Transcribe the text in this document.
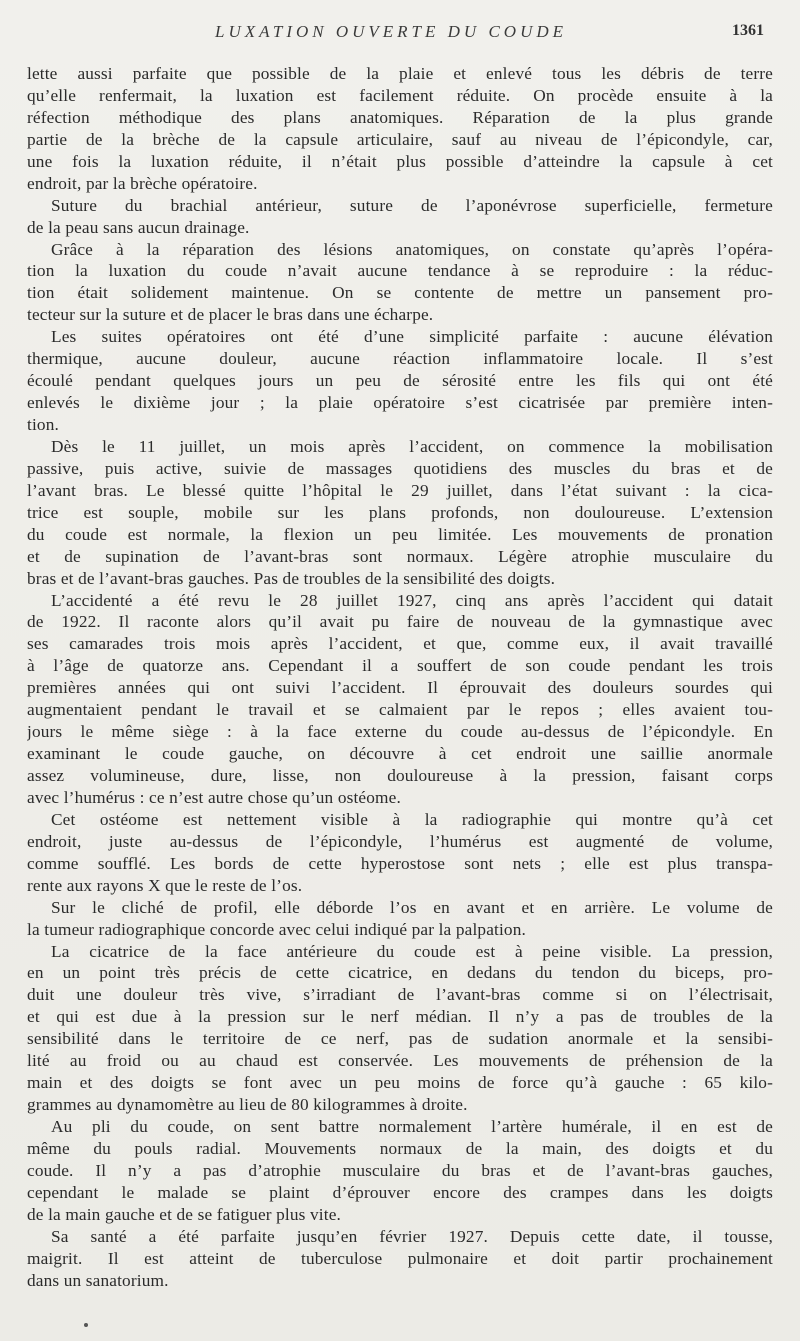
LUXATION OUVERTE DU COUDE	1361
lette aussi parfaite que possible de la plaie et enlevé tous les débris de terre
qu’elle renfermait, la luxation est facilement réduite. On procède ensuite à la
réfection méthodique des plans anatomiques. Réparation de la plus grande
partie de la brèche de la capsule articulaire, sauf au niveau de l’épicondyle, car,
une fois la luxation réduite, il n’était plus possible d’atteindre la capsule à cet
endroit, par la brèche opératoire.
Suture du brachial antérieur, suture de l’aponévrose superficielle, fermeture
de la peau sans aucun drainage.
Grâce à la réparation des lésions anatomiques, on constate qu’après l’opéra-
tion la luxation du coude n’avait aucune tendance à se reproduire : la réduc-
tion était solidement maintenue. On se contente de mettre un pansement pro-
tecteur sur la suture et de placer le bras dans une écharpe.
Les suites opératoires ont été d’une simplicité parfaite : aucune élévation
thermique, aucune douleur, aucune réaction inflammatoire locale. Il s’est
écoulé pendant quelques jours un peu de sérosité entre les fils qui ont été
enlevés le dixième jour ; la plaie opératoire s’est cicatrisée par première inten-
tion.
Dès le 11 juillet, un mois après l’accident, on commence la mobilisation
passive, puis active, suivie de massages quotidiens des muscles du bras et de
l’avant bras. Le blessé quitte l’hôpital le 29 juillet, dans l’état suivant : la cica-
trice est souple, mobile sur les plans profonds, non douloureuse. L’extension
du coude est normale, la flexion un peu limitée. Les mouvements de pronation
et de supination de l’avant-bras sont normaux. Légère atrophie musculaire du
bras et de l’avant-bras gauches. Pas de troubles de la sensibilité des doigts.
L’accidenté a été revu le 28 juillet 1927, cinq ans après l’accident qui datait
de 1922. Il raconte alors qu’il avait pu faire de nouveau de la gymnastique avec
ses camarades trois mois après l’accident, et que, comme eux, il avait travaillé
à l’âge de quatorze ans. Cependant il a souffert de son coude pendant les trois
premières années qui ont suivi l’accident. Il éprouvait des douleurs sourdes qui
augmentaient pendant le travail et se calmaient par le repos ; elles avaient tou-
jours le même siège : à la face externe du coude au-dessus de l’épicondyle. En
examinant le coude gauche, on découvre à cet endroit une saillie anormale
assez volumineuse, dure, lisse, non douloureuse à la pression, faisant corps
avec l’humérus : ce n’est autre chose qu’un ostéome.
Cet ostéome est nettement visible à la radiographie qui montre qu’à cet
endroit, juste au-dessus de l’épicondyle, l’humérus est augmenté de volume,
comme soufflé. Les bords de cette hyperostose sont nets ; elle est plus transpa-
rente aux rayons X que le reste de l’os.
Sur le cliché de profil, elle déborde l’os en avant et en arrière. Le volume de
la tumeur radiographique concorde avec celui indiqué par la palpation.
La cicatrice de la face antérieure du coude est à peine visible. La pression,
en un point très précis de cette cicatrice, en dedans du tendon du biceps, pro-
duit une douleur très vive, s’irradiant de l’avant-bras comme si on l’électrisait,
et qui est due à la pression sur le nerf médian. Il n’y a pas de troubles de la
sensibilité dans le territoire de ce nerf, pas de sudation anormale et la sensibi-
lité au froid ou au chaud est conservée. Les mouvements de préhension de la
main et des doigts se font avec un peu moins de force qu’à gauche : 65 kilo-
grammes au dynamomètre au lieu de 80 kilogrammes à droite.
Au pli du coude, on sent battre normalement l’artère humérale, il en est de
même du pouls radial. Mouvements normaux de la main, des doigts et du
coude. Il n’y a pas d’atrophie musculaire du bras et de l’avant-bras gauches,
cependant le malade se plaint d’éprouver encore des crampes dans les doigts
de la main gauche et de se fatiguer plus vite.
Sa santé a été parfaite jusqu’en février 1927. Depuis cette date, il tousse,
maigrit. Il est atteint de tuberculose pulmonaire et doit partir prochainement
dans un sanatorium.
